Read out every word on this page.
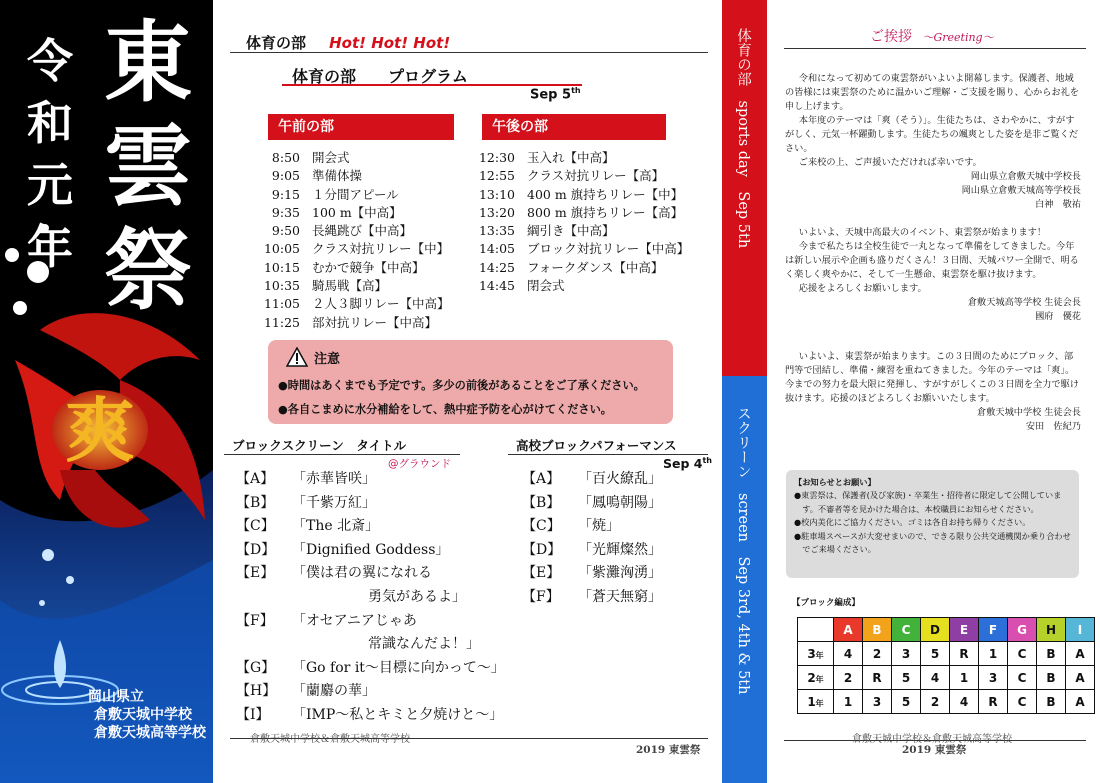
爽
令
和
元
年
東
雲
祭
岡山県立
倉敷天城中学校
倉敷天城高等学校
体育の部 Hot! Hot! Hot!
体育の部　　プログラム
Sep 5th
午前の部	午後の部
8:50 開会式
9:05 準備体操
9:15 １分間アピール
9:35 100 m【中高】
9:50 長縄跳び【中高】
10:05 クラス対抗リレー【中】
10:15 むかで競争【中高】
10:35 騎馬戦【高】
11:05 ２人３脚リレー【中高】
11:25 部対抗リレー【中高】
12:30 玉入れ【中高】
12:55 クラス対抗リレー【高】
13:10 400 m 旗持ちリレー【中】
13:20 800 m 旗持ちリレー【高】
13:35 綱引き【中高】
14:05 ブロック対抗リレー【中高】
14:25 フォークダンス【中高】
14:45 閉会式
注意
●時間はあくまでも予定です。多少の前後があることをご了承ください。
●各自こまめに水分補給をして、熱中症予防を心がけてください。
ブロックスクリーン　タイトル
@グラウンド
【A】	「赤華皆咲」
【B】	「千紫万紅」
【C】	「The 北斎」
【D】	「Dignified Goddess」
【E】	「僕は君の翼になれる
勇気があるよ」
【F】	「オセアニアじゃあ
常識なんだよ！」
【G】	「Go for it～目標に向かって～」
【H】	「蘭麝の華」
【I】	「IMP～私とキミと夕焼けと～」
高校ブロックパフォーマンス
Sep 4th
【A】	「百火繚乱」
【B】	「鳳鳴朝陽」
【C】	「焼」
【D】	「光輝燦然」
【E】	「紫灘洶湧」
【F】	「蒼天無窮」
倉敷天城中学校＆倉敷天城高等学校
2019 東雲祭
体育の部　sports day　Sep 5th
スクリーン　screen　Sep 3rd, 4th & 5th
ご挨拶 ～Greeting～

令和になって初めての東雲祭がいよいよ開幕します。保護者、地域の皆様には東雲祭のために温かいご理解・ご支援を賜り、心からお礼を申し上げます。

本年度のテーマは「爽（そう）」。生徒たちは、さわやかに、すがすがしく、元気一杯躍動します。生徒たちの颯爽とした姿を是非ご覧ください。

ご来校の上、ご声援いただければ幸いです。

岡山県立倉敷天城中学校長
岡山県立倉敷天城高等学校長
白神　敬祐

いよいよ、天城中高最大のイベント、東雲祭が始まります！

今まで私たちは全校生徒で一丸となって準備をしてきました。今年は新しい展示や企画も盛りだくさん！３日間、天城パワー全開で、明るく楽しく爽やかに、そして一生懸命、東雲祭を駆け抜けます。

応援をよろしくお願いします。

倉敷天城高等学校 生徒会長
國府　優花

いよいよ、東雲祭が始まります。この３日間のためにブロック、部門等で団結し、準備・練習を重ねてきました。今年のテーマは「爽」。今までの努力を最大限に発揮し、すがすがしくこの３日間を全力で駆け抜けます。応援のほどよろしくお願いいたします。

倉敷天城中学校 生徒会長
安田　佐紀乃
【お知らせとお願い】
●東雲祭は、保護者(及び家族)・卒業生・招待者に限定して公開しています。不審者等を見かけた場合は、本校職員にお知らせください。
●校内美化にご協力ください。ゴミは各自お持ち帰りください。
●駐車場スペースが大変せまいので、できる限り公共交通機関か乗り合わせでご来場ください。
【ブロック編成】
	A	B	C	D	E	F	G	H	I
3年	4	2	3	5	R	1	C	B	A
2年	2	R	5	4	1	3	C	B	A
1年	1	3	5	2	4	R	C	B	A
倉敷天城中学校＆倉敷天城高等学校
2019 東雲祭
